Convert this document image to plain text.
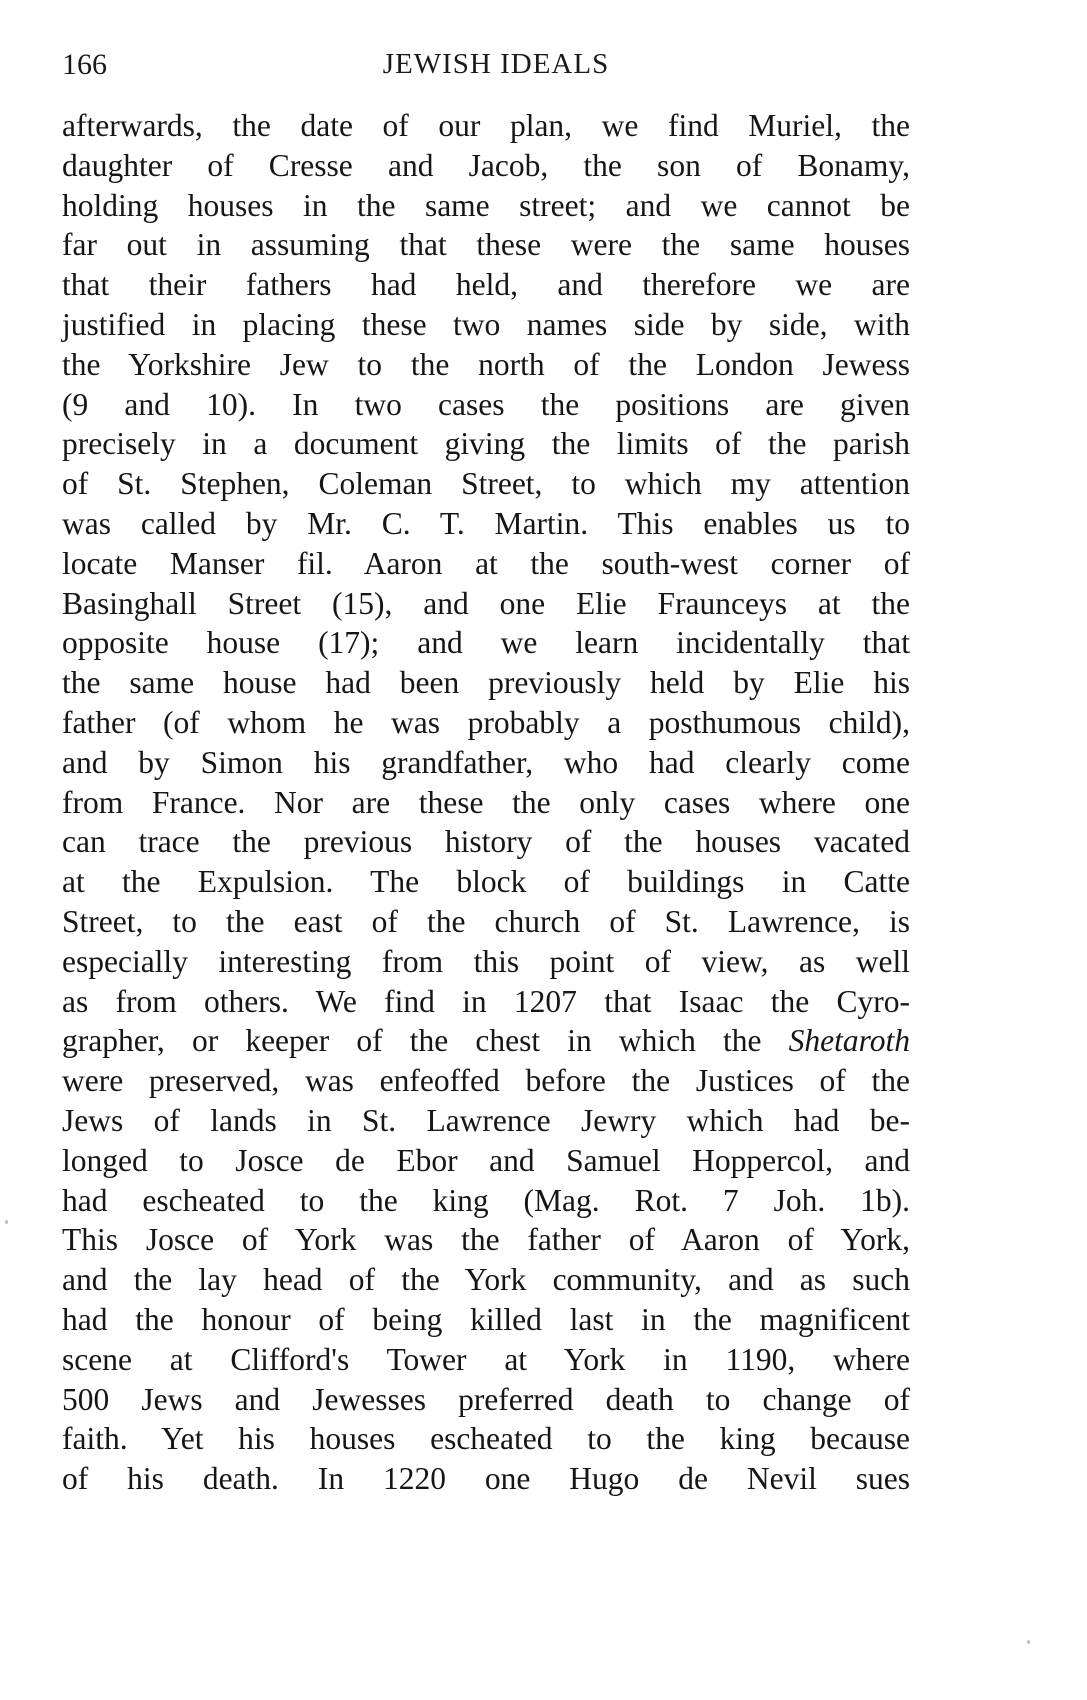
166	JEWISH IDEALS
afterwards, the date of our plan, we find Muriel, the
daughter of Cresse and Jacob, the son of Bonamy,
holding houses in the same street; and we cannot be
far out in assuming that these were the same houses
that their fathers had held, and therefore we are
justified in placing these two names side by side, with
the Yorkshire Jew to the north of the London Jewess
(9 and 10). In two cases the positions are given
precisely in a document giving the limits of the parish
of St. Stephen, Coleman Street, to which my attention
was called by Mr. C. T. Martin. This enables us to
locate Manser fil. Aaron at the south-west corner of
Basinghall Street (15), and one Elie Fraunceys at the
opposite house (17); and we learn incidentally that
the same house had been previously held by Elie his
father (of whom he was probably a posthumous child),
and by Simon his grandfather, who had clearly come
from France. Nor are these the only cases where one
can trace the previous history of the houses vacated
at the Expulsion. The block of buildings in Catte
Street, to the east of the church of St. Lawrence, is
especially interesting from this point of view, as well
as from others. We find in 1207 that Isaac the Cyro-
grapher, or keeper of the chest in which the Shetaroth
were preserved, was enfeoffed before the Justices of the
Jews of lands in St. Lawrence Jewry which had be-
longed to Josce de Ebor and Samuel Hoppercol, and
had escheated to the king (Mag. Rot. 7 Joh. 1b).
This Josce of York was the father of Aaron of York,
and the lay head of the York community, and as such
had the honour of being killed last in the magnificent
scene at Clifford's Tower at York in 1190, where
500 Jews and Jewesses preferred death to change of
faith. Yet his houses escheated to the king because
of his death. In 1220 one Hugo de Nevil sues
